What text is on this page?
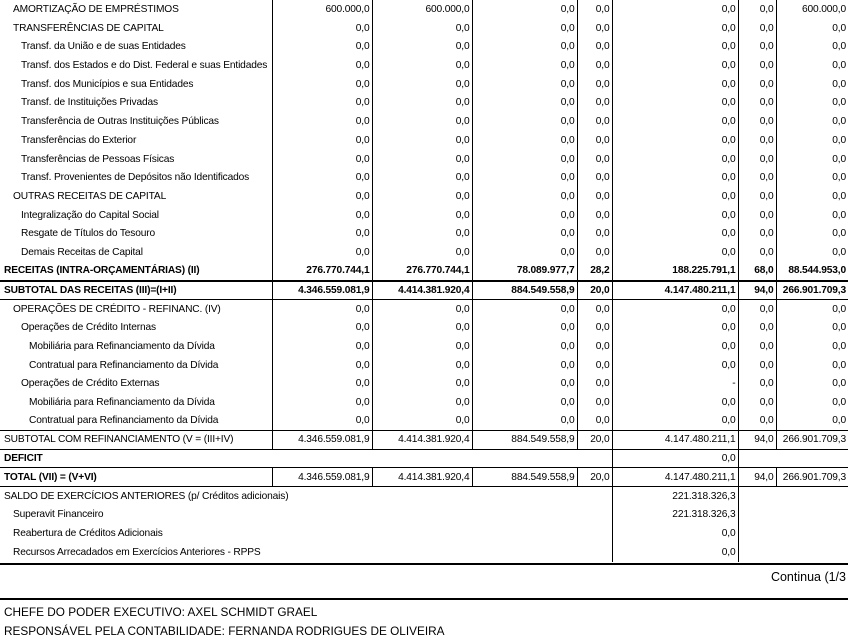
AMORTIZAÇÃO DE EMPRÉSTIMOS	600.000,0	600.000,0	0,0	0,0	0,0	0,0	600.000,0
TRANSFERÊNCIAS DE CAPITAL	0,0	0,0	0,0	0,0	0,0	0,0	0,0
Transf. da União e de suas Entidades	0,0	0,0	0,0	0,0	0,0	0,0	0,0
Transf. dos Estados e do Dist. Federal e suas Entidades	0,0	0,0	0,0	0,0	0,0	0,0	0,0
Transf. dos Municípios e sua Entidades	0,0	0,0	0,0	0,0	0,0	0,0	0,0
Transf. de Instituições Privadas	0,0	0,0	0,0	0,0	0,0	0,0	0,0
Transferência de Outras Instituições Públicas	0,0	0,0	0,0	0,0	0,0	0,0	0,0
Transferências do Exterior	0,0	0,0	0,0	0,0	0,0	0,0	0,0
Transferências de Pessoas Físicas	0,0	0,0	0,0	0,0	0,0	0,0	0,0
Transf. Provenientes de Depósitos não Identificados	0,0	0,0	0,0	0,0	0,0	0,0	0,0
OUTRAS RECEITAS DE CAPITAL	0,0	0,0	0,0	0,0	0,0	0,0	0,0
Integralização do Capital Social	0,0	0,0	0,0	0,0	0,0	0,0	0,0
Resgate de Títulos do Tesouro	0,0	0,0	0,0	0,0	0,0	0,0	0,0
Demais Receitas de Capital	0,0	0,0	0,0	0,0	0,0	0,0	0,0
RECEITAS (INTRA-ORÇAMENTÁRIAS) (II)	276.770.744,1	276.770.744,1	78.089.977,7	28,2	188.225.791,1	68,0	88.544.953,0
SUBTOTAL DAS RECEITAS (III)=(I+II)	4.346.559.081,9	4.414.381.920,4	884.549.558,9	20,0	4.147.480.211,1	94,0	266.901.709,3
OPERAÇÕES DE CRÉDITO - REFINANC. (IV)	0,0	0,0	0,0	0,0	0,0	0,0	0,0
Operações de Crédito Internas	0,0	0,0	0,0	0,0	0,0	0,0	0,0
Mobiliária para Refinanciamento da Dívida	0,0	0,0	0,0	0,0	0,0	0,0	0,0
Contratual para Refinanciamento da Dívida	0,0	0,0	0,0	0,0	0,0	0,0	0,0
Operações de Crédito Externas	0,0	0,0	0,0	0,0	-	0,0	0,0
Mobiliária para Refinanciamento da Dívida	0,0	0,0	0,0	0,0	0,0	0,0	0,0
Contratual para Refinanciamento da Dívida	0,0	0,0	0,0	0,0	0,0	0,0	0,0
SUBTOTAL COM REFINANCIAMENTO (V = (III+IV)	4.346.559.081,9	4.414.381.920,4	884.549.558,9	20,0	4.147.480.211,1	94,0	266.901.709,3
DEFICIT					0,0		
TOTAL (VII) = (V+VI)	4.346.559.081,9	4.414.381.920,4	884.549.558,9	20,0	4.147.480.211,1	94,0	266.901.709,3
SALDO DE EXERCÍCIOS ANTERIORES (p/ Créditos adicionais)					221.318.326,3		
Superavit Financeiro					221.318.326,3		
Reabertura de Créditos Adicionais					0,0		
Recursos Arrecadados em Exercícios Anteriores - RPPS					0,0		
Continua (1/3
CHEFE DO PODER EXECUTIVO: AXEL SCHMIDT GRAEL
RESPONSÁVEL PELA CONTABILIDADE: FERNANDA RODRIGUES DE OLIVEIRA
